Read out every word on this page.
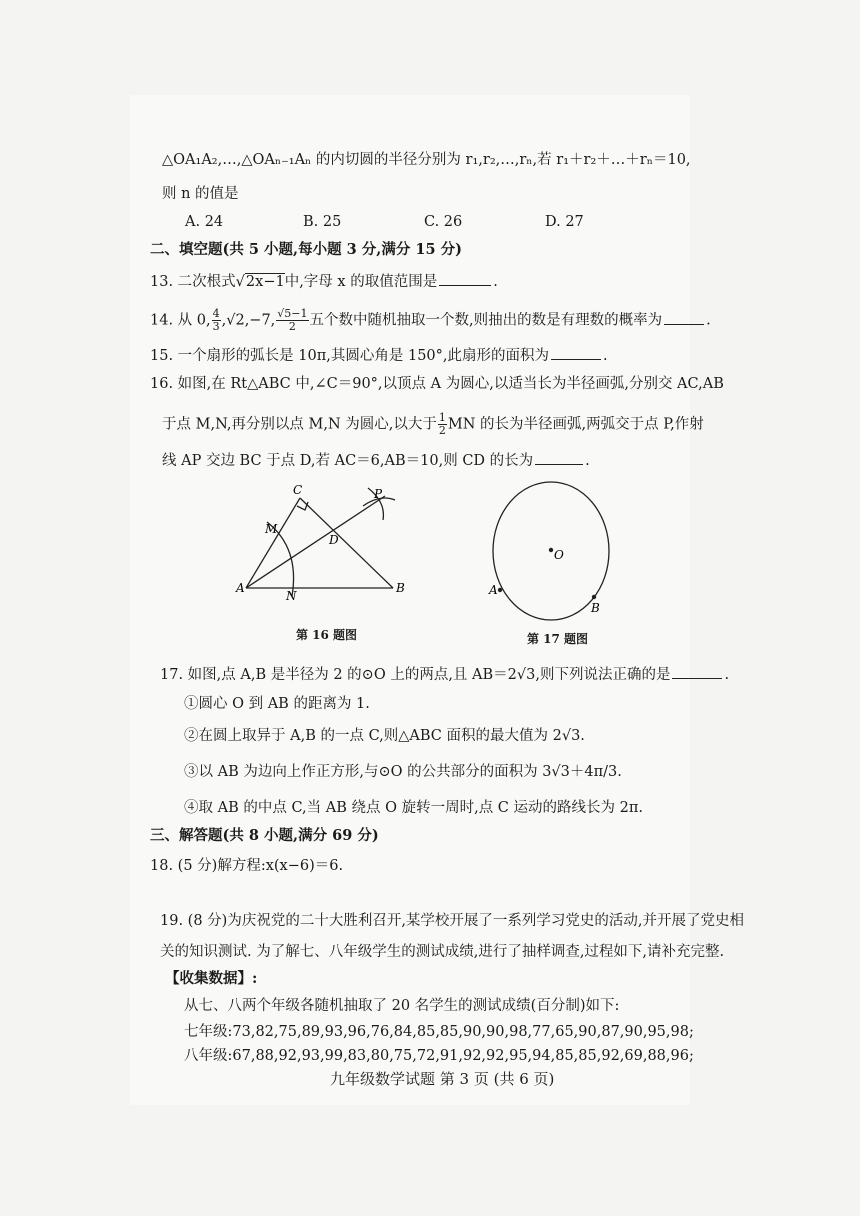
△OA₁A₂,…,△OAₙ₋₁Aₙ 的内切圆的半径分别为 r₁,r₂,…,rₙ,若 r₁＋r₂＋…＋rₙ＝10,
则 n 的值是
A. 24	B. 25	C. 26	D. 27
二、填空题(共 5 小题,每小题 3 分,满分 15 分)
13. 二次根式√2x−1中,字母 x 的取值范围是	.
14. 从 0, $\frac{4}{3} ,√2,-7$, $\frac{√5-1}{2}$ 五个数中随机抽取一个数,则抽出的数是有理数的概率为	.
15. 一个扇形的弧长是 10π,其圆心角是 150°,此扇形的面积为	.
16. 如图,在 Rt△ABC 中,∠C＝90°,以顶点 A 为圆心,以适当长为半径画弧,分别交 AC,AB
于点 M,N,再分别以点 M,N 为圆心,以大于 $\frac{1}{2}$ MN 的长为半径画弧,两弧交于点 P,作射
线 AP 交边 BC 于点 D,若 AC＝6,AB＝10,则 CD 的长为	.
C
M
D
P
A
N
B
第 16 题图
O
A
B
第 17 题图
17. 如图,点 A,B 是半径为 2 的⊙O 上的两点,且 AB＝2√3,则下列说法正确的是	.
①圆心 O 到 AB 的距离为 1.
②在圆上取异于 A,B 的一点 C,则△ABC 面积的最大值为 2√3.
③以 AB 为边向上作正方形,与⊙O 的公共部分的面积为 3√3＋4π/3.
④取 AB 的中点 C,当 AB 绕点 O 旋转一周时,点 C 运动的路线长为 2π.
三、解答题(共 8 小题,满分 69 分)
18. (5 分)解方程:x(x−6)＝6.
19. (8 分)为庆祝党的二十大胜利召开,某学校开展了一系列学习党史的活动,并开展了党史相
关的知识测试. 为了解七、八年级学生的测试成绩,进行了抽样调查,过程如下,请补充完整.
【收集数据】:
从七、八两个年级各随机抽取了 20 名学生的测试成绩(百分制)如下:
七年级:73,82,75,89,93,96,76,84,85,85,90,90,98,77,65,90,87,90,95,98;
八年级:67,88,92,93,99,83,80,75,72,91,92,92,95,94,85,85,92,69,88,96;
九年级数学试题 第 3 页 (共 6 页)
